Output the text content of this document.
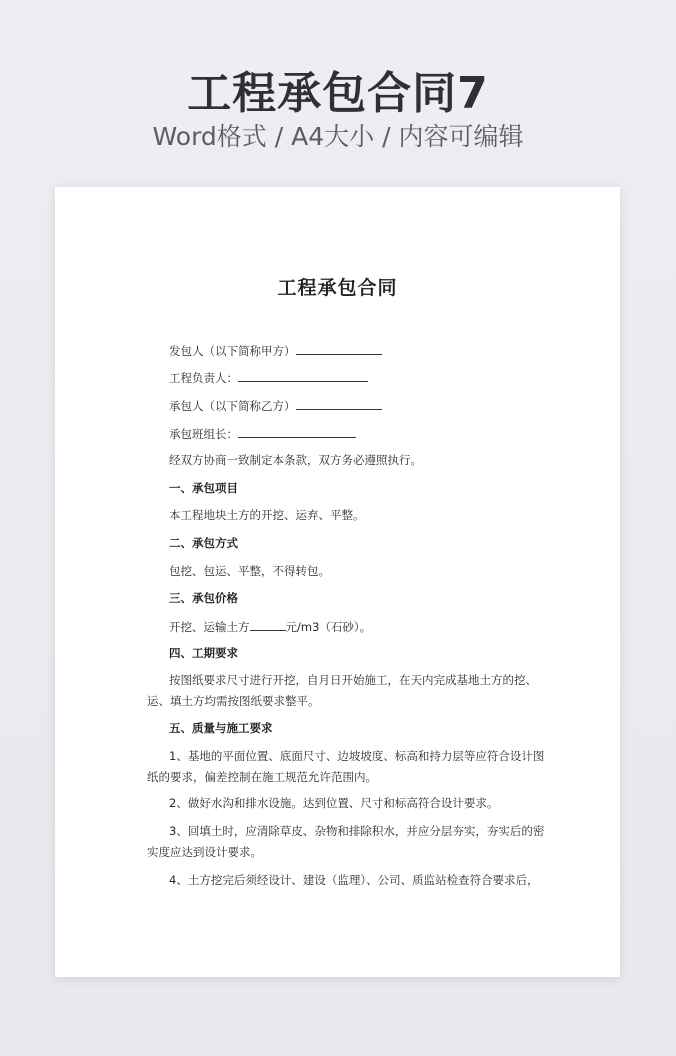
工程承包合同7
Word格式 / A4大小 / 内容可编辑
工程承包合同
发包人（以下简称甲方）
工程负责人：
承包人（以下简称乙方）
承包班组长：
经双方协商一致制定本条款，双方务必遵照执行。
一、承包项目
本工程地块土方的开挖、运弃、平整。
二、承包方式
包挖、包运、平整，不得转包。
三、承包价格
开挖、运输土方	元/m3（石砂）。
四、工期要求
按图纸要求尺寸进行开挖，自月日开始施工，在天内完成基地土方的挖、运、填土方均需按图纸要求整平。
五、质量与施工要求
1、基地的平面位置、底面尺寸、边坡坡度、标高和持力层等应符合设计图纸的要求，偏差控制在施工规范允许范围内。
2、做好水沟和排水设施。达到位置、尺寸和标高符合设计要求。
3、回填土时，应清除草皮、杂物和排除积水，并应分层夯实，夯实后的密实度应达到设计要求。
4、土方挖完后须经设计、建设（监理）、公司、质监站检查符合要求后，
